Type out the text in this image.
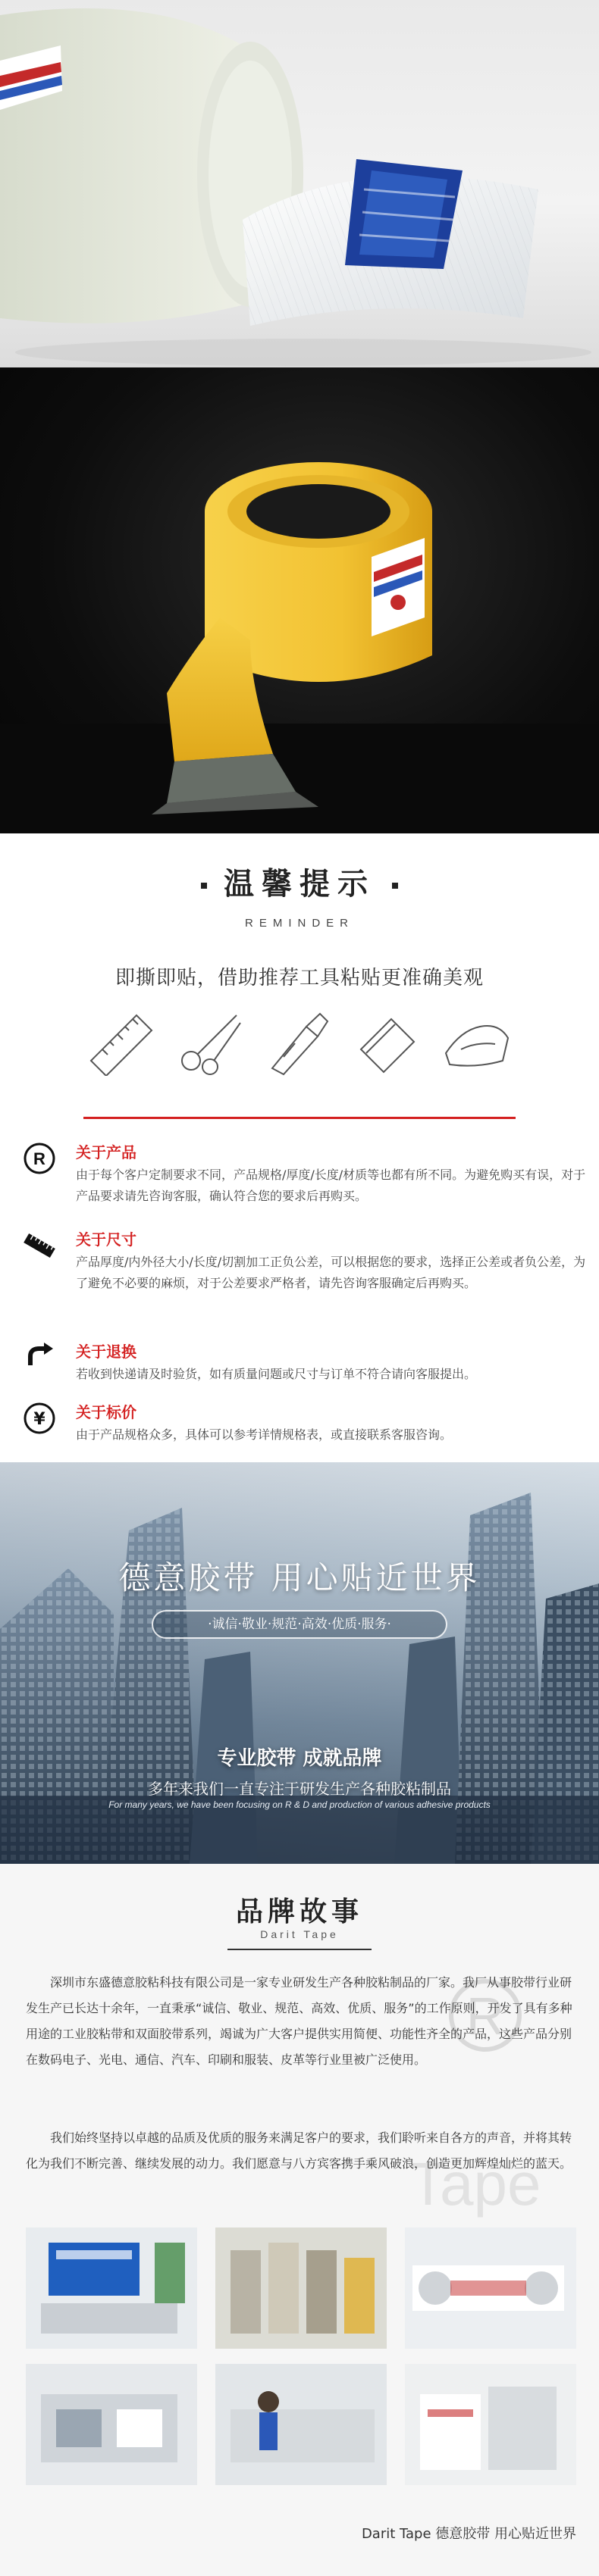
温馨提示
REMINDER
即撕即贴，借助推荐工具粘贴更准确美观
R 关于产品
由于每个客户定制要求不同，产品规格/厚度/长度/材质等也都有所不同。为避免购买有误，对于产品要求请先咨询客服，确认符合您的要求后再购买。
关于尺寸
产品厚度/内外径大小/长度/切割加工正负公差，可以根据您的要求，选择正公差或者负公差，为了避免不必要的麻烦，对于公差要求严格者，请先咨询客服确定后再购买。
关于退换
若收到快递请及时验货，如有质量问题或尺寸与订单不符合请向客服提出。
¥ 关于标价
由于产品规格众多，具体可以参考详情规格表，或直接联系客服咨询。
德意胶带 用心贴近世界
·诚信·敬业·规范·高效·优质·服务·
专业胶带 成就品牌
多年来我们一直专注于研发生产各种胶粘制品
For many years, we have been focusing on R & D and production of various adhesive products
品牌故事
Darit Tape
R
Tape
深圳市东盛德意胶粘科技有限公司是一家专业研发生产各种胶粘制品的厂家。我厂从事胶带行业研发生产已长达十余年，一直秉承“诚信、敬业、规范、高效、优质、服务”的工作原则，开发了具有多种用途的工业胶粘带和双面胶带系列，竭诚为广大客户提供实用简便、功能性齐全的产品，这些产品分别在数码电子、光电、通信、汽车、印刷和服装、皮革等行业里被广泛使用。
我们始终坚持以卓越的品质及优质的服务来满足客户的要求，我们聆听来自各方的声音，并将其转化为我们不断完善、继续发展的动力。我们愿意与八方宾客携手乘风破浪，创造更加辉煌灿烂的蓝天。
Darit Tape 德意胶带 用心贴近世界
